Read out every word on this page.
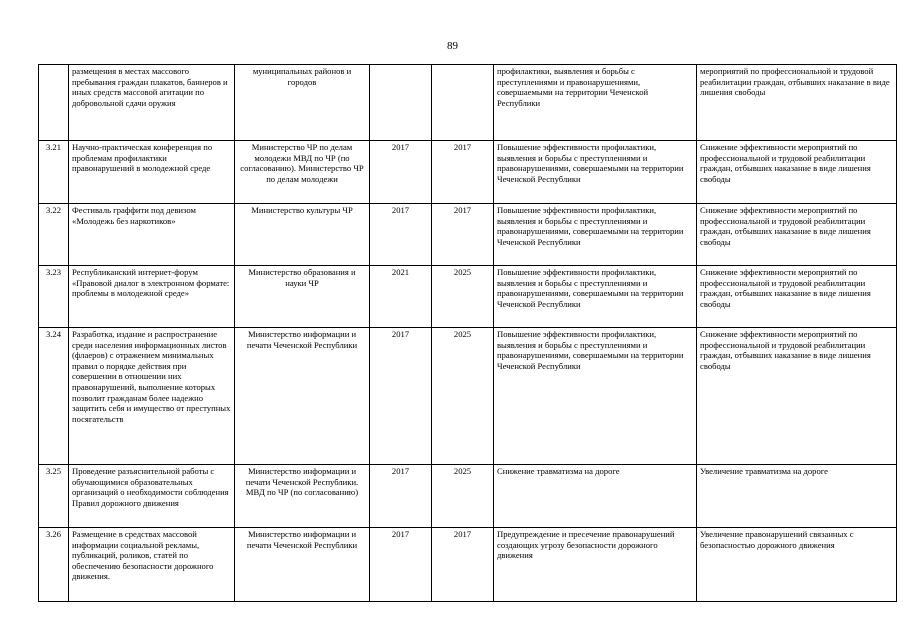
89
	размещения в местах массового пребывания граждан плакатов, баннеров и иных средств массовой агитации по добровольной сдачи оружия	муниципальных районов и городов			профилактики, выявления и борьбы с преступлениями и правонарушениями, совершаемыми на территории Чеченской Республики	мероприятий по профессиональной и трудовой реабилитации граждан, отбывших наказание в виде лишения свободы
3.21	Научно-практическая конференция по проблемам профилактики правонарушений в молодежной среде	Министерство ЧР по делам молодежи МВД по ЧР (по согласованию). Министерство ЧР по делам молодежи	2017	2017	Повышение эффективности профилактики, выявления и борьбы с преступлениями и правонарушениями, совершаемыми на территории Чеченской Республики	Снижение эффективности мероприятий по профессиональной и трудовой реабилитации граждан, отбывших наказание в виде лишения свободы
3.22	Фестиваль граффити под девизом «Молодежь без наркотиков»	Министерство культуры ЧР	2017	2017	Повышение эффективности профилактики, выявления и борьбы с преступлениями и правонарушениями, совершаемыми на территории Чеченской Республики	Снижение эффективности мероприятий по профессиональной и трудовой реабилитации граждан, отбывших наказание в виде лишения свободы
3.23	Республиканский интернет-форум «Правовой диалог в электронном формате: проблемы в молодежной среде»	Министерство образования и науки ЧР	2021	2025	Повышение эффективности профилактики, выявления и борьбы с преступлениями и правонарушениями, совершаемыми на территории Чеченской Республики	Снижение эффективности мероприятий по профессиональной и трудовой реабилитации граждан, отбывших наказание в виде лишения свободы
3.24	Разработка, издание и распространение среди населения информационных листов (флаеров) с отражением минимальных правил о порядке действия при совершении в отношении них правонарушений, выполнение которых позволит гражданам более надежно защитить себя и имущество от преступных посягательств	Министерство информации и печати Чеченской Республики	2017	2025	Повышение эффективности профилактики, выявления и борьбы с преступлениями и правонарушениями, совершаемыми на территории Чеченской Республики	Снижение эффективности мероприятий по профессиональной и трудовой реабилитации граждан, отбывших наказание в виде лишения свободы
3.25	Проведение разъяснительной работы с обучающимися образовательных организаций о необходимости соблюдения Правил дорожного движения	Министерство информации и печати Чеченской Республики. МВД по ЧР (по согласованию)	2017	2025	Снижение травматизма на дороге	Увеличение травматизма на дороге
3.26	Размещение в средствах массовой информации социальной рекламы, публикаций, роликов, статей по обеспечению безопасности дорожного движения.	Министерство информации и печати Чеченской Республики	2017	2017	Предупреждение и пресечение правонарушений создающих угрозу безопасности дорожного движения	Увеличение правонарушений связанных с безопасностью дорожного движения
